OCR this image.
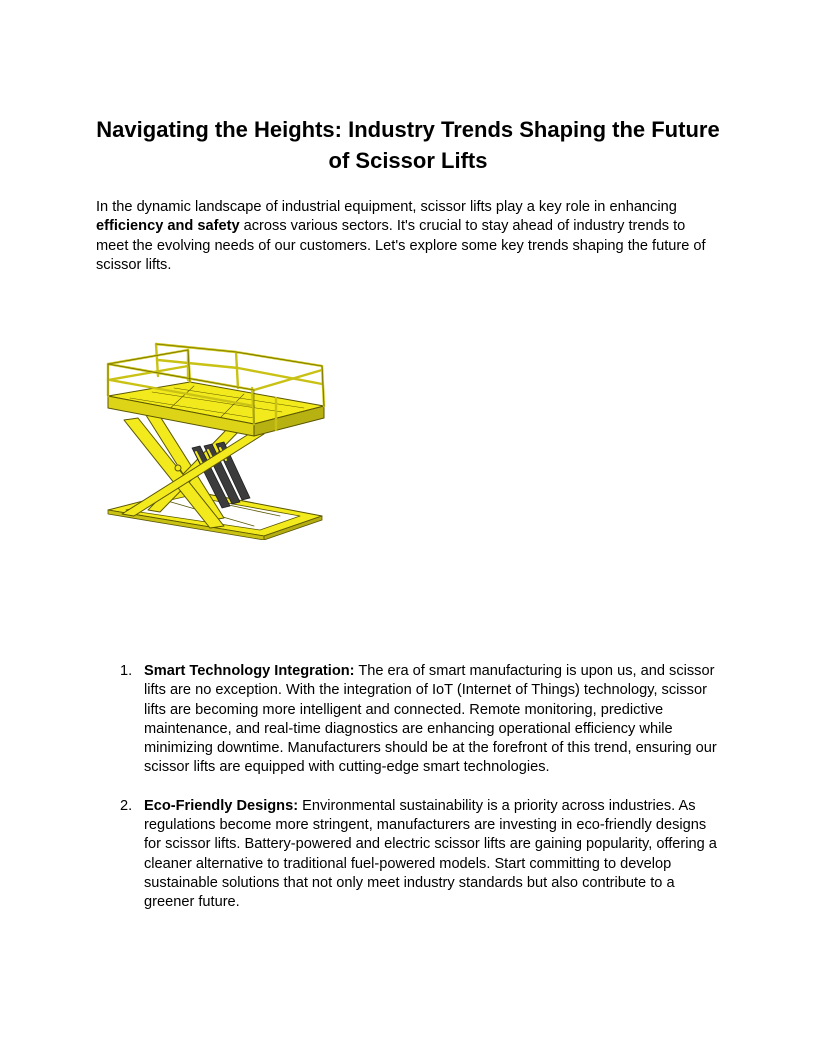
Navigating the Heights: Industry Trends Shaping the Future of Scissor Lifts

In the dynamic landscape of industrial equipment, scissor lifts play a key role in enhancing efficiency and safety across various sectors. It's crucial to stay ahead of industry trends to meet the evolving needs of our customers. Let's explore some key trends shaping the future of scissor lifts.

1. Smart Technology Integration: The era of smart manufacturing is upon us, and scissor lifts are no exception. With the integration of IoT (Internet of Things) technology, scissor lifts are becoming more intelligent and connected. Remote monitoring, predictive maintenance, and real-time diagnostics are enhancing operational efficiency while minimizing downtime. Manufacturers should be at the forefront of this trend, ensuring our scissor lifts are equipped with cutting-edge smart technologies.
2. Eco-Friendly Designs: Environmental sustainability is a priority across industries. As regulations become more stringent, manufacturers are investing in eco-friendly designs for scissor lifts. Battery-powered and electric scissor lifts are gaining popularity, offering a cleaner alternative to traditional fuel-powered models. Start committing to develop sustainable solutions that not only meet industry standards but also contribute to a greener future.
